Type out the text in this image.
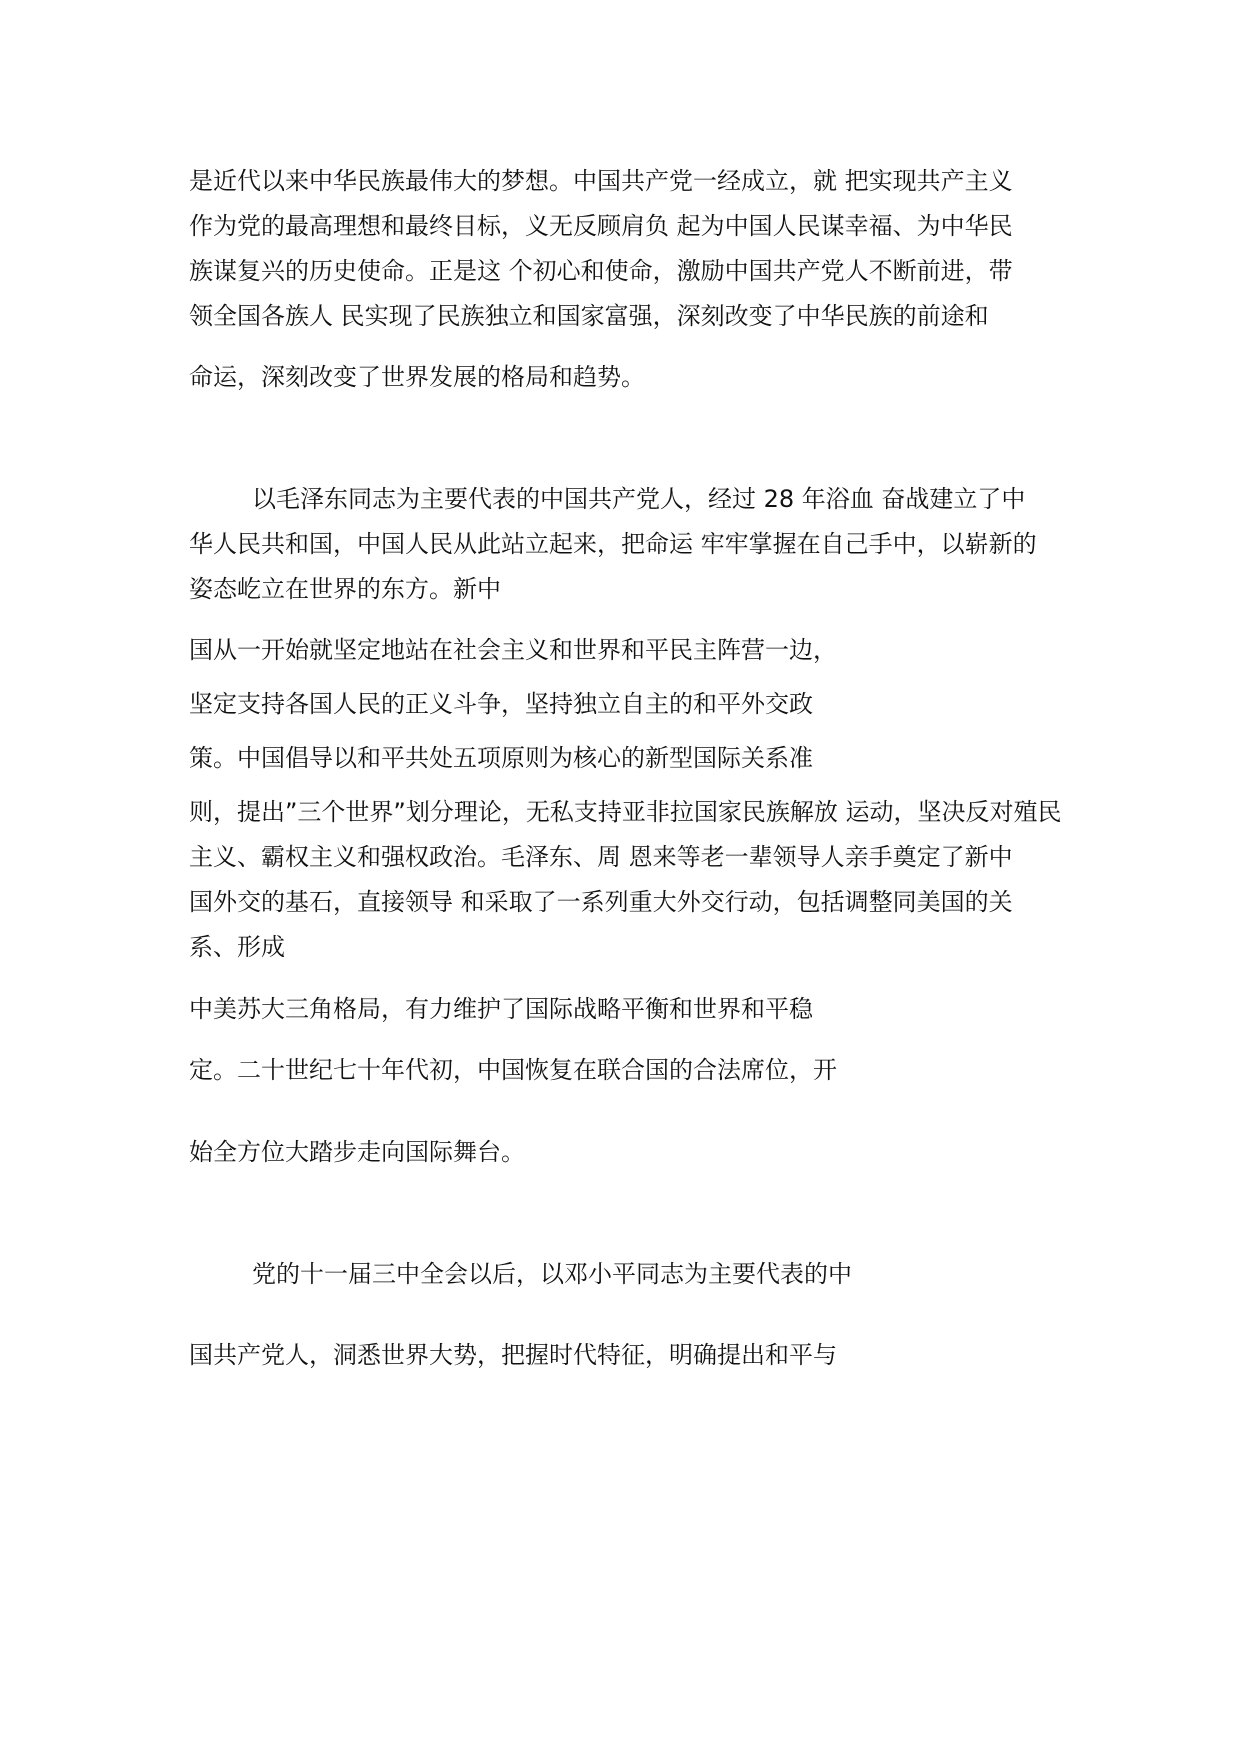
是近代以来中华民族最伟大的梦想。中国共产党一经成立，就 把实现共产主义
作为党的最高理想和最终目标，义无反顾肩负 起为中国人民谋幸福、为中华民
族谋复兴的历史使命。正是这 个初心和使命，激励中国共产党人不断前进，带
领全国各族人 民实现了民族独立和国家富强，深刻改变了中华民族的前途和
命运，深刻改变了世界发展的格局和趋势。
以毛泽东同志为主要代表的中国共产党人，经过 28 年浴血 奋战建立了中
华人民共和国，中国人民从此站立起来，把命运 牢牢掌握在自己手中，以崭新的
姿态屹立在世界的东方。新中
国从一开始就坚定地站在社会主义和世界和平民主阵营一边，
坚定支持各国人民的正义斗争，坚持独立自主的和平外交政
策。中国倡导以和平共处五项原则为核心的新型国际关系准
则，提出”三个世界”划分理论，无私支持亚非拉国家民族解放 运动，坚决反对殖民
主义、霸权主义和强权政治。毛泽东、周 恩来等老一辈领导人亲手奠定了新中
国外交的基石，直接领导 和采取了一系列重大外交行动，包括调整同美国的关
系、形成
中美苏大三角格局，有力维护了国际战略平衡和世界和平稳
定。二十世纪七十年代初，中国恢复在联合国的合法席位，开
始全方位大踏步走向国际舞台。
党的十一届三中全会以后，以邓小平同志为主要代表的中
国共产党人，洞悉世界大势，把握时代特征，明确提出和平与
